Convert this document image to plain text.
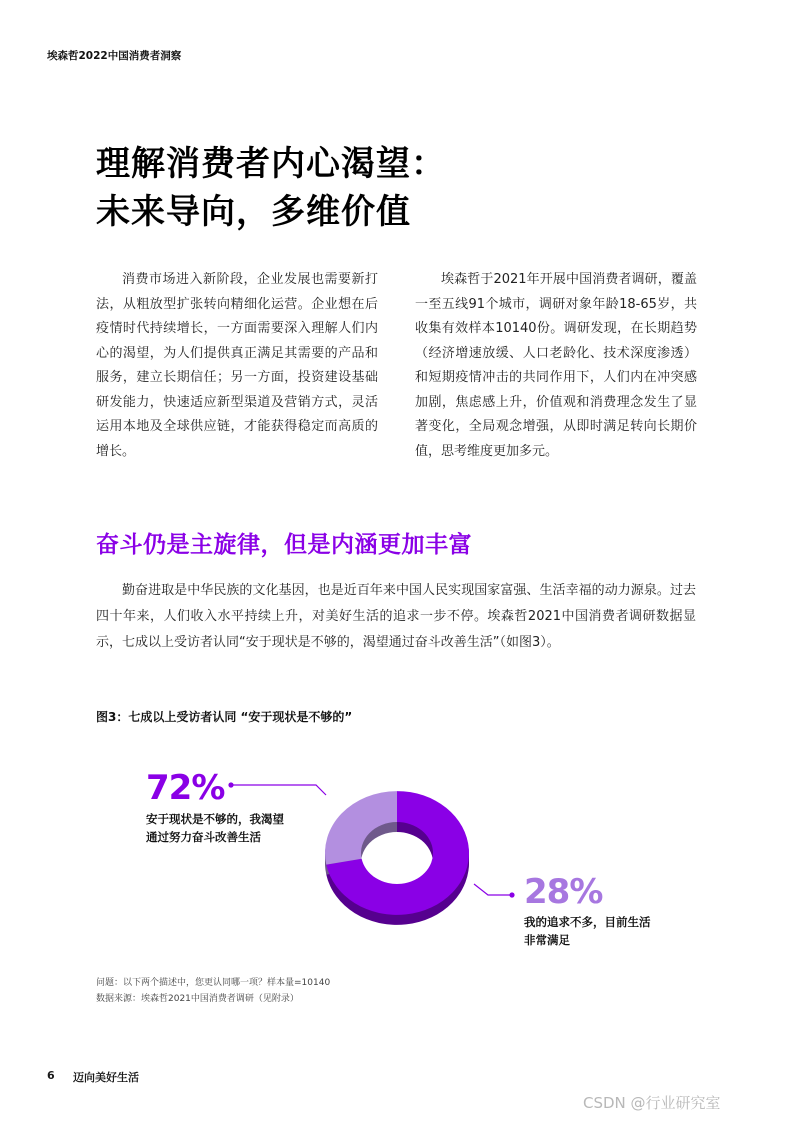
埃森哲2022中国消费者洞察
理解消费者内心渴望：
未来导向，多维价值

消费市场进入新阶段，企业发展也需要新打法，从粗放型扩张转向精细化运营。企业想在后疫情时代持续增长，一方面需要深入理解人们内心的渴望，为人们提供真正满足其需要的产品和服务，建立长期信任；另一方面，投资建设基础研发能力，快速适应新型渠道及营销方式，灵活运用本地及全球供应链，才能获得稳定而高质的增长。

埃森哲于2021年开展中国消费者调研，覆盖一至五线91个城市，调研对象年龄18-65岁，共收集有效样本10140份。调研发现，在长期趋势（经济增速放缓、人口老龄化、技术深度渗透）和短期疫情冲击的共同作用下，人们内在冲突感加剧，焦虑感上升，价值观和消费理念发生了显著变化，全局观念增强，从即时满足转向长期价值，思考维度更加多元。

奋斗仍是主旋律，但是内涵更加丰富

勤奋进取是中华民族的文化基因，也是近百年来中国人民实现国家富强、生活幸福的动力源泉。过去四十年来，人们收入水平持续上升，对美好生活的追求一步不停。埃森哲2021中国消费者调研数据显示，七成以上受访者认同“安于现状是不够的，渴望通过奋斗改善生活”（如图3）。

图3：七成以上受访者认同 “安于现状是不够的”
72%
安于现状是不够的，我渴望
通过努力奋斗改善生活
28%
我的追求不多，目前生活
非常满足
问题：以下两个描述中，您更认同哪一项？样本量=10140
数据来源：埃森哲2021中国消费者调研（见附录）
6 迈向美好生活
CSDN @行业研究室
